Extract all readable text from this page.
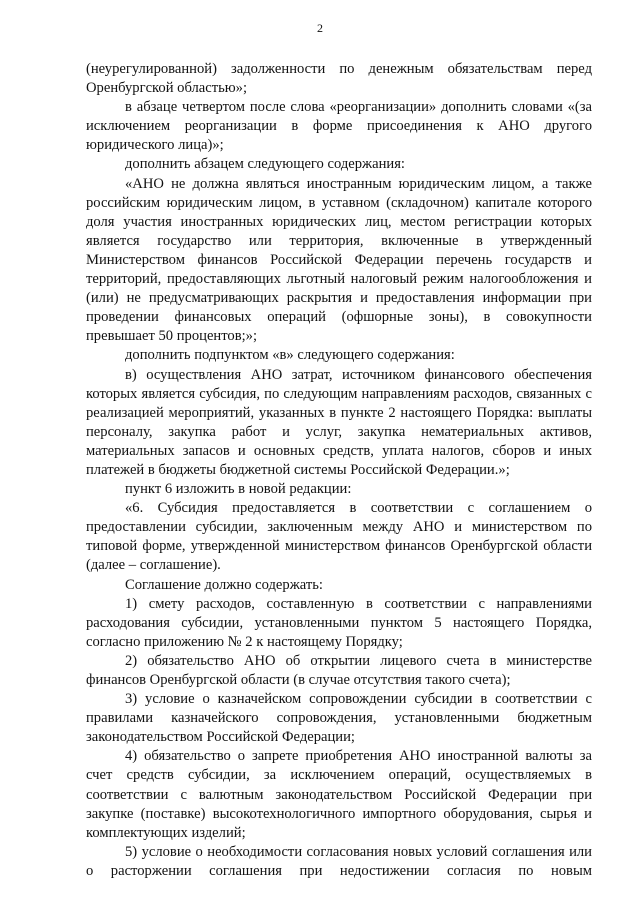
2

(неурегулированной) задолженности по денежным обязательствам перед Оренбургской областью»;

в абзаце четвертом после слова «реорганизации» дополнить словами «(за исключением реорганизации в форме присоединения к АНО другого юридического лица)»;

дополнить абзацем следующего содержания:

«АНО не должна являться иностранным юридическим лицом, а также российским юридическим лицом, в уставном (складочном) капитале которого доля участия иностранных юридических лиц, местом регистрации которых является государство или территория, включенные в утвержденный Министерством финансов Российской Федерации перечень государств и территорий, предоставляющих льготный налоговый режим налогообложения и (или) не предусматривающих раскрытия и предоставления информации при проведении финансовых операций (офшорные зоны), в совокупности превышает 50 процентов;»;

дополнить подпунктом «в» следующего содержания:

в) осуществления АНО затрат, источником финансового обеспечения которых является субсидия, по следующим направлениям расходов, связанных с реализацией мероприятий, указанных в пункте 2 настоящего Порядка: выплаты персоналу, закупка работ и услуг, закупка нематериальных активов, материальных запасов и основных средств, уплата налогов, сборов и иных платежей в бюджеты бюджетной системы Российской Федерации.»;

пункт 6 изложить в новой редакции:

«6. Субсидия предоставляется в соответствии с соглашением о предоставлении субсидии, заключенным между АНО и министерством по типовой форме, утвержденной министерством финансов Оренбургской области (далее – соглашение).

Соглашение должно содержать:

1) смету расходов, составленную в соответствии с направлениями расходования субсидии, установленными пунктом 5 настоящего Порядка, согласно приложению № 2 к настоящему Порядку;

2) обязательство АНО об открытии лицевого счета в министерстве финансов Оренбургской области (в случае отсутствия такого счета);

3) условие о казначейском сопровождении субсидии в соответствии с правилами казначейского сопровождения, установленными бюджетным законодательством Российской Федерации;

4) обязательство о запрете приобретения АНО иностранной валюты за счет средств субсидии, за исключением операций, осуществляемых в соответствии с валютным законодательством Российской Федерации при закупке (поставке) высокотехнологичного импортного оборудования, сырья и комплектующих изделий;

5) условие о необходимости согласования новых условий соглашения или о расторжении соглашения при недостижении согласия по новым
